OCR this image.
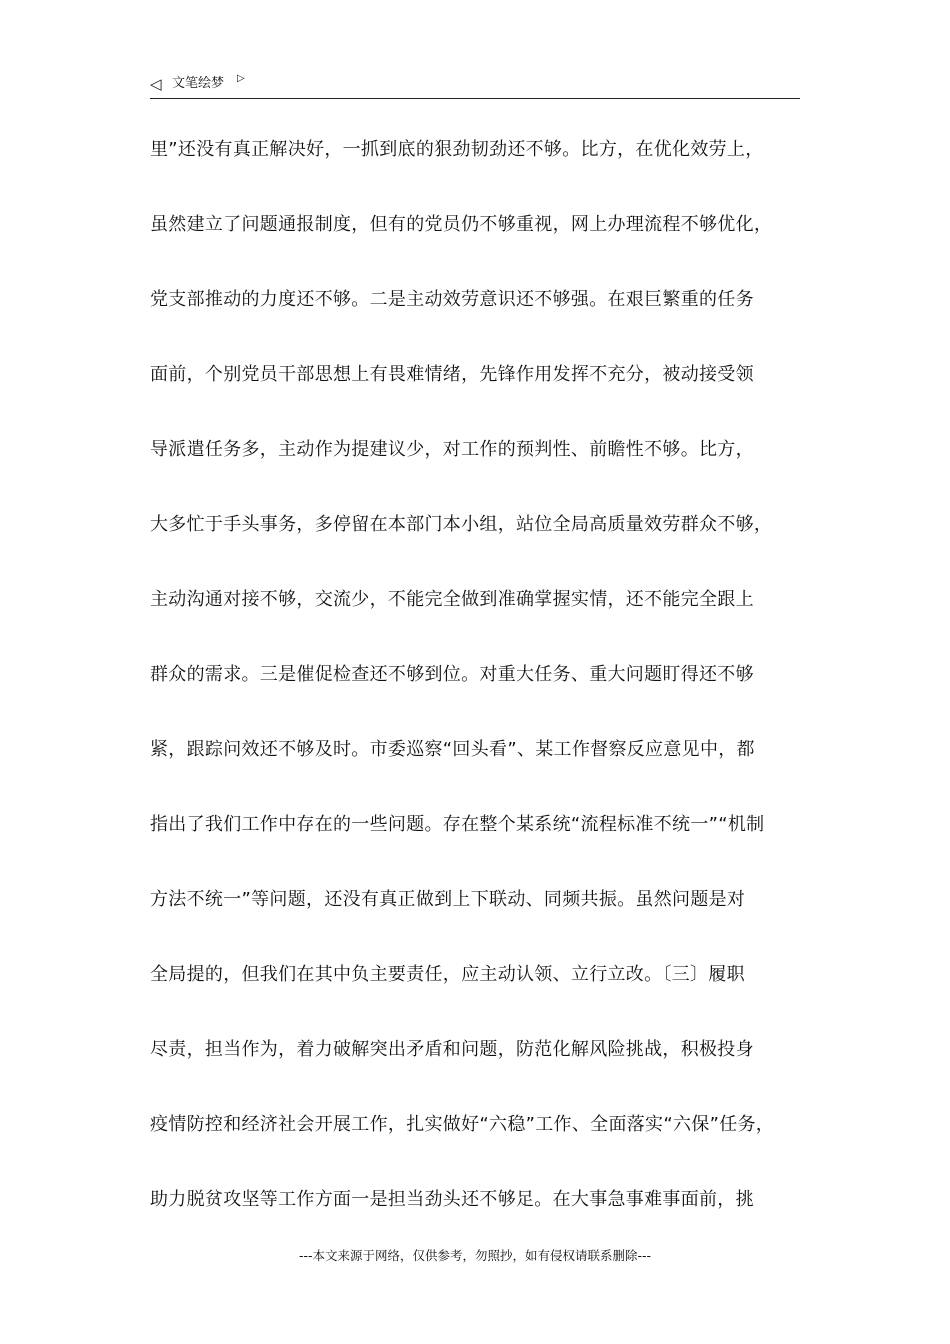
◁ 文笔绘梦 ▷
里”还没有真正解决好，一抓到底的狠劲韧劲还不够。比方，在优化效劳上，
虽然建立了问题通报制度，但有的党员仍不够重视，网上办理流程不够优化，
党支部推动的力度还不够。二是主动效劳意识还不够强。在艰巨繁重的任务
面前，个别党员干部思想上有畏难情绪，先锋作用发挥不充分，被动接受领
导派遣任务多，主动作为提建议少，对工作的预判性、前瞻性不够。比方，
大多忙于手头事务，多停留在本部门本小组，站位全局高质量效劳群众不够，
主动沟通对接不够，交流少，不能完全做到准确掌握实情，还不能完全跟上
群众的需求。三是催促检查还不够到位。对重大任务、重大问题盯得还不够
紧，跟踪问效还不够及时。市委巡察“回头看”、某工作督察反应意见中，都
指出了我们工作中存在的一些问题。存在整个某系统“流程标准不统一”“机制
方法不统一”等问题，还没有真正做到上下联动、同频共振。虽然问题是对
全局提的，但我们在其中负主要责任，应主动认领、立行立改。〔三〕履职
尽责，担当作为，着力破解突出矛盾和问题，防范化解风险挑战，积极投身
疫情防控和经济社会开展工作，扎实做好“六稳”工作、全面落实“六保”任务，
助力脱贫攻坚等工作方面一是担当劲头还不够足。在大事急事难事面前，挑
---本文来源于网络，仅供参考，勿照抄，如有侵权请联系删除---
